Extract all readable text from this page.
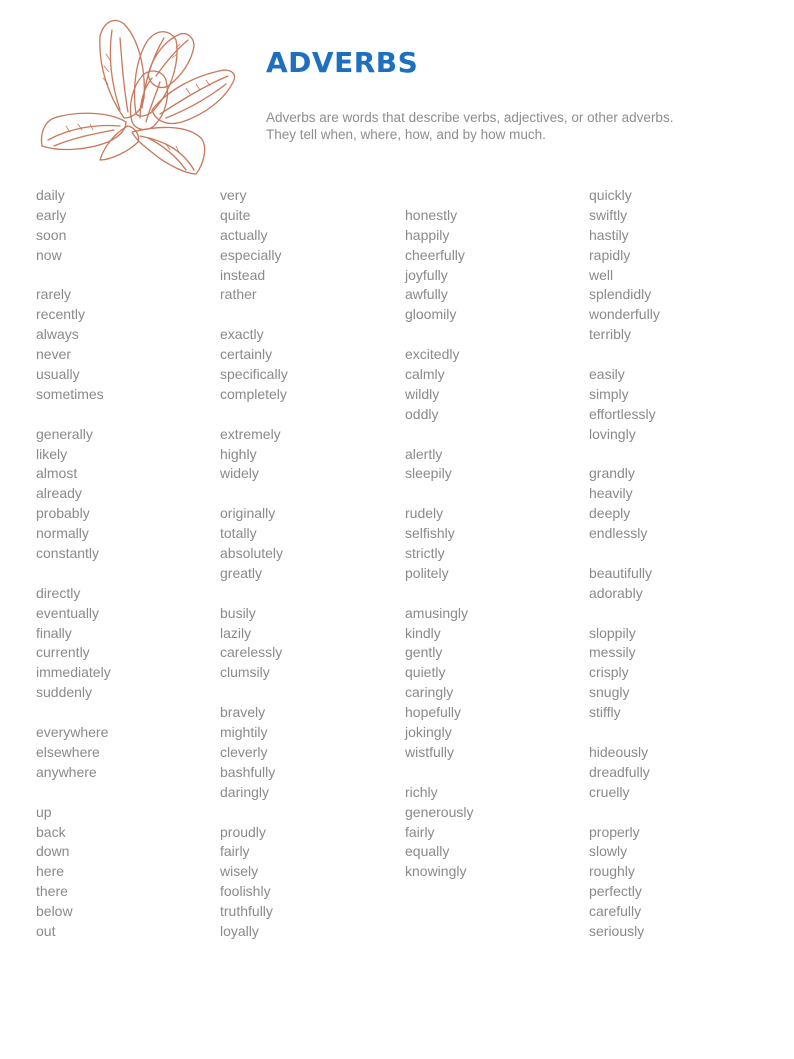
ADVERBS
Adverbs are words that describe verbs, adjectives, or other adverbs.
They tell when, where, how, and by how much.
daily
early
soon
now
rarely
recently
always
never
usually
sometimes
generally
likely
almost
already
probably
normally
constantly
directly
eventually
finally
currently
immediately
suddenly
everywhere
elsewhere
anywhere
up
back
down
here
there
below
out
very
quite
actually
especially
instead
rather
exactly
certainly
specifically
completely
extremely
highly
widely
originally
totally
absolutely
greatly
busily
lazily
carelessly
clumsily
bravely
mightily
cleverly
bashfully
daringly
proudly
fairly
wisely
foolishly
truthfully
loyally
honestly
happily
cheerfully
joyfully
awfully
gloomily
excitedly
calmly
wildly
oddly
alertly
sleepily
rudely
selfishly
strictly
politely
amusingly
kindly
gently
quietly
caringly
hopefully
jokingly
wistfully
richly
generously
fairly
equally
knowingly
quickly
swiftly
hastily
rapidly
well
splendidly
wonderfully
terribly
easily
simply
effortlessly
lovingly
grandly
heavily
deeply
endlessly
beautifully
adorably
sloppily
messily
crisply
snugly
stiffly
hideously
dreadfully
cruelly
properly
slowly
roughly
perfectly
carefully
seriously
